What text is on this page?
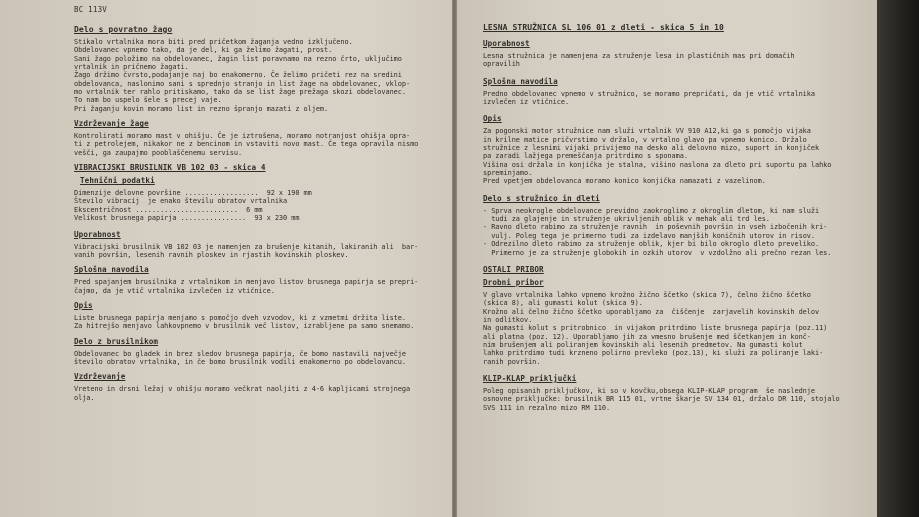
BC 113V
Delo s povratno žago
Stikalo vrtalnika mora biti pred pričetkom žaganja vedno izključeno.
Obdelovanec vpnemo tako, da je del, ki ga želimo žagati, prost.
Sani žago položimo na obdelovanec, žagin list poravnamo na rezno črto, uključimo
vrtalnik in pričnemo žagati.
Žago držimo čvrsto,podajanje naj bo enakomerno. Če želimo pričeti rez na sredini
obdelovanca, naslonimo sani s sprednjo stranjo in list žage na obdelovanec, vklop-
mo vrtalnik ter rahlo pritiskamo, tako da se list žage prežaga skozi obdelovanec.
To nam bo uspelo šele s precej vaje.
Pri žaganju kovin moramo list in rezno špranjo mazati z oljem.
Vzdrževanje žage
Kontroliratí moramo mast v ohišju. Če je iztrošena, moramo notranjost ohišja opra-
ti z petrolejem, nikakor ne z bencinom in vstaviti novo mast. Če tega opravila nismo
vešči, ga zaupajmo pooblaščenemu servisu.
VIBRACIJSKI BRUSILNIK VB 102 03 - skica 4
Tehnični podatki
Dimenzije delovne površine ..................  92 x 190 mm
Število vibracij  je enako številu obratov vrtalnika
Ekscentričnost .........................  6 mm
Velikost brusnega papirja ................  93 x 230 mm
Uporabnost
Vibracijski brusilnik VB 102 03 je namenjen za brušenje kitanih, lakiranih ali  bar-
vanih površin, lesenih ravnih ploskev in rjastih kovinskih ploskev.
Splošna navodila
Pred spajanjem brusilnika z vrtalnikom in menjavo listov brusnega papirja se prepri-
čajmo, da je vtič vrtalnika izvlečen iz vtičnice.
Opis
Liste brusnega papirja menjamo s pomočjo dveh vzvodov, ki z vzmetmi držita liste.
Za hitrejšo menjavo lahkovpnemo v brusilnik več listov, izrabljene pa samo snemamo.
Delo z brusilnikom
Obdelovanec bo gladek in brez sledov brusnega papirja, če bomo nastavili največje
število obratov vrtalnika, in če bomo brusilnik vodili enakomerno po obdelovancu.
Vzdrževanje
Vreteno in drsni ležaj v ohišju moramo večkrat naoljiti z 4-6 kapljicami strojnega
olja.
LESNA STRUŽNICA SL 106 01 z dleti - skica 5 in 10
Uporabnost
Lesna stružnica je namenjena za struženje lesa in plastičnih mas pri domačih
opravilih
Splošna navodila
Predno obdelovanec vpnemo v stružnico, se moramo prepričati, da je vtič vrtalnika
izvlečen iz vtičnice.
Opis
Za pogonski motor stružnice nam služi vrtalnik VV 910 A12,ki ga s pomočjo vijaka
in krilne matice pričvrstimo v držalo, v vrtalno glavo pa vpnemo konico. Držalo
stružnice z lesnimi vijaki privijemo na desko ali delovno mizo, suport in konjiček
pa zaradi lažjega premeščanja pritrdimo s sponama.
Višina osi držala in konjička je stalna, višino naslona za dleto pri suportu pa lahko
spreminjamo.
Pred vpetjem obdelovanca moramo konico konjička namazati z vazelinom.
Delo s stružnico in dleti
- Sprva neokrogle obdelovance previdno zaokroglimo z okroglim dletom, ki nam služi
tudi za glajenje in struženje ukrivljenih oblik v mehak ali trd les.
- Ravno dleto rabimo za struženje ravnih  in poševnih površin in vseh izbočenih kri-
vulj. Poleg tega je primerno tudi za izdelavo manjših koničnih utorov in risov.
- Odrezilno dleto rabimo za struženje oblik, kjer bi bilo okroglo dleto preveliko.
Primerno je za struženje globokih in ozkih utorov  v vzdolžno ali prečno rezan les.
OSTALI PRIBOR
Drobni pribor
V glavo vrtalnika lahko vpnemo krožno žično ščetko (skica 7), čelno žično ščetko
(skica 8), ali gumasti kolut (skica 9).
Krožno ali čelno žično ščetko uporabljamo za  čiščenje  zarjavelih kovinskih delov
in odlitkov.
Na gumasti kolut s pritrobnico  in vijakom pritrdimo liste brusnega papirja (poz.11)
ali platna (poz. 12). Uporabljamo jih za vmesno brušenje med ščetkanjem in konč-
nim brušenjem ali poliranjem kovinskih ali lesenih predmetov. Na gumasti kolut
lahko pritrdimo tudi krzneno polirno prevleko (poz.13), ki služi za poliranje laki-
ranih površin.
KLIP-KLAP priključki
Poleg opisanih priključkov, ki so v kovčku,obsega KLIP-KLAP program  še naslednje
osnovne priključke: brusilnik BR 115 01, vrtne škarje SV 134 01, držalo DR 110, stojalo
SVS 111 in rezalno mizo RM 110.
